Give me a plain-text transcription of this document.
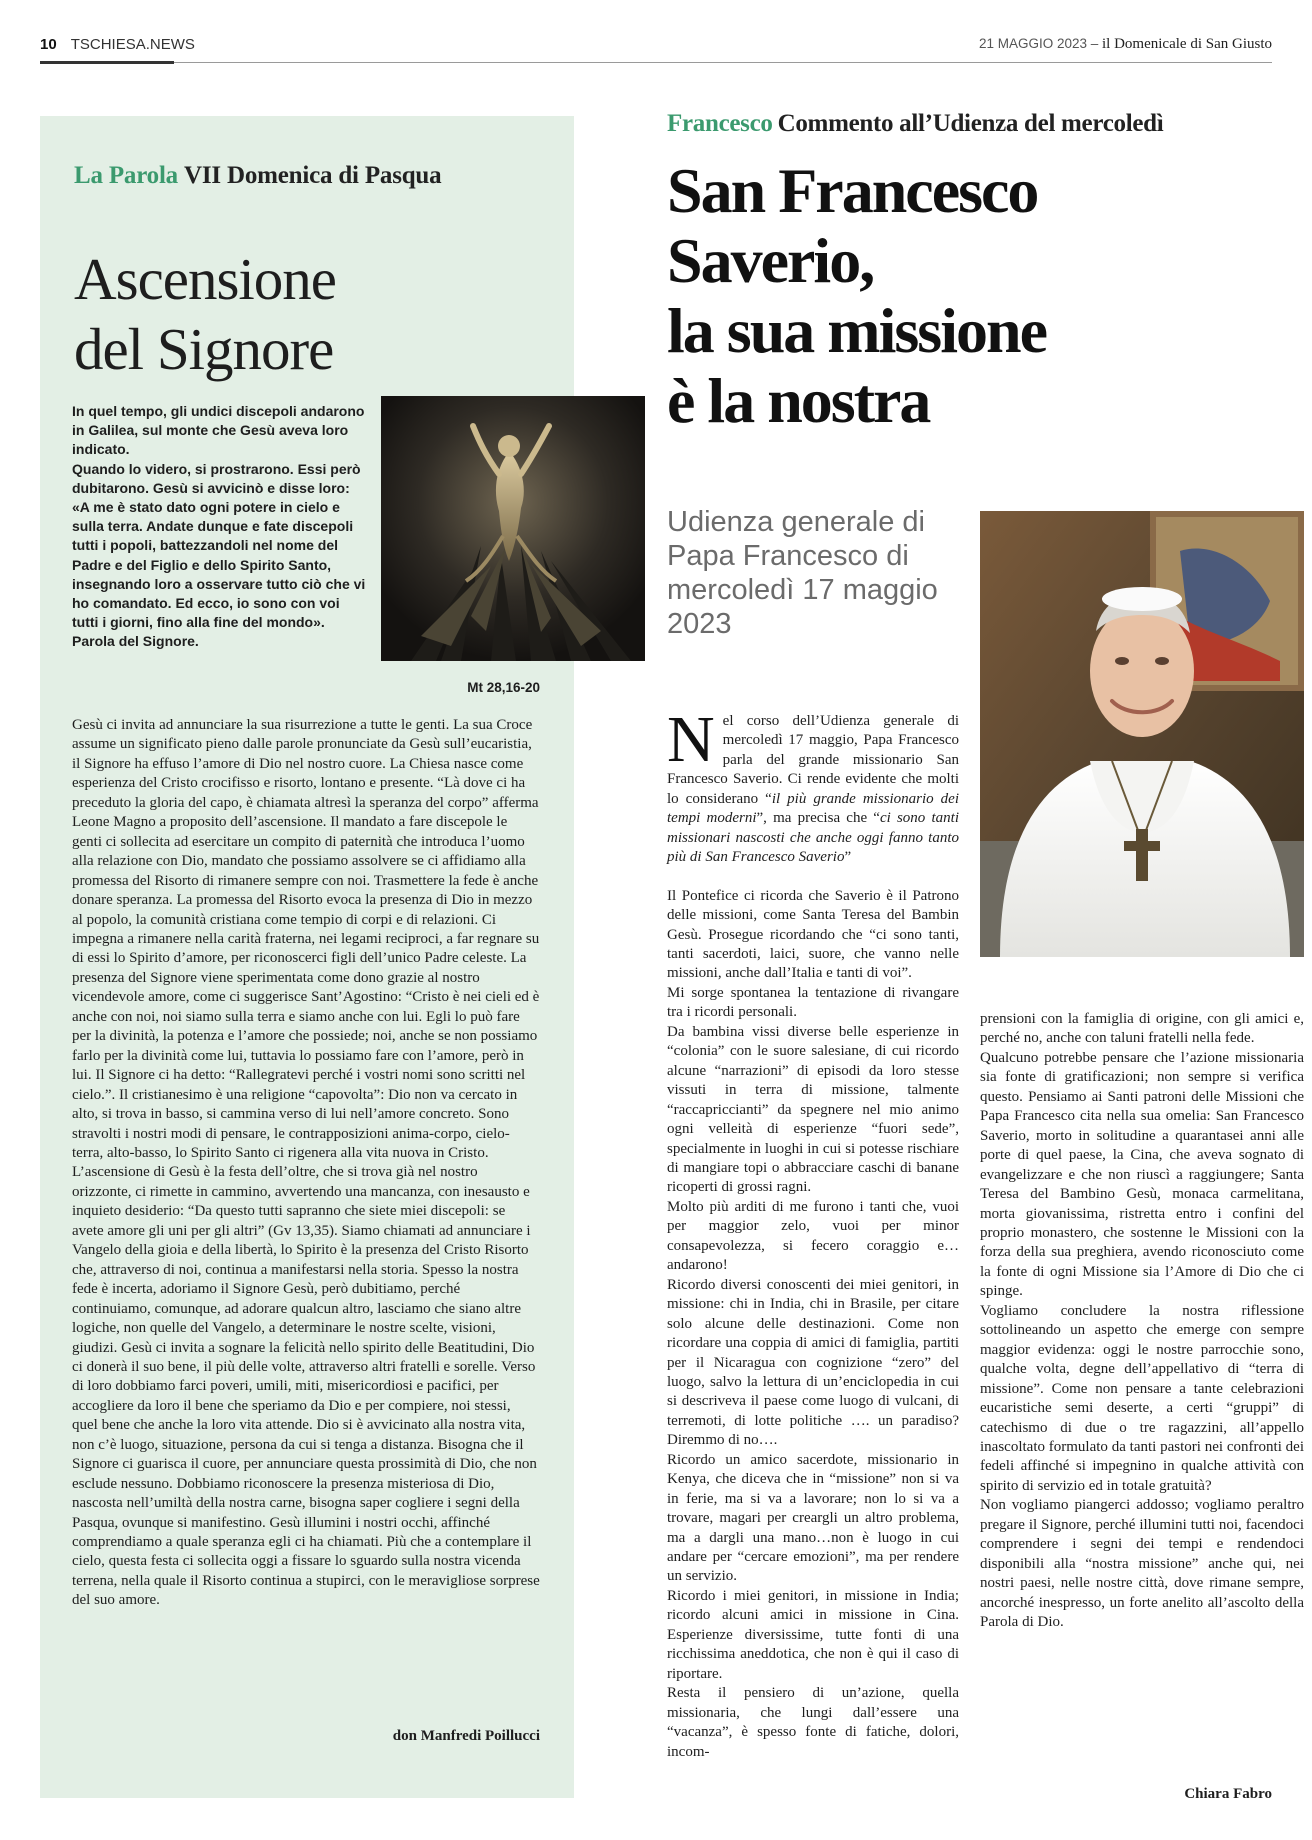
10 TSCHIESA.NEWS	21 MAGGIO 2023 – il Domenicale di San Giusto
La Parola VII Domenica di Pasqua
Ascensione
del Signore

In quel tempo, gli undici discepoli andarono in Galilea, sul monte che Gesù aveva loro indicato.

Quando lo videro, si prostrarono. Essi però dubitarono. Gesù si avvicinò e disse loro: «A me è stato dato ogni potere in cielo e sulla terra. Andate dunque e fate discepoli tutti i popoli, battezzandoli nel nome del Padre e del Figlio e dello Spirito Santo, insegnando loro a osservare tutto ciò che vi ho comandato. Ed ecco, io sono con voi tutti i giorni, fino alla fine del mondo».

Parola del Signore.

Mt 28,16-20

Gesù ci invita ad annunciare la sua risurrezione a tutte le genti. La sua Croce assume un significato pieno dalle parole pronunciate da Gesù sull’eucaristia, il Signore ha effuso l’amore di Dio nel nostro cuore. La Chiesa nasce come esperienza del Cristo crocifisso e risorto, lontano e presente. “Là dove ci ha preceduto la gloria del capo, è chiamata altresì la speranza del corpo” afferma Leone Magno a proposito dell’ascensione. Il mandato a fare discepole le genti ci sollecita ad esercitare un compito di paternità che introduca l’uomo alla relazione con Dio, mandato che possiamo assolvere se ci affidiamo alla promessa del Risorto di rimanere sempre con noi. Trasmettere la fede è anche donare speranza. La promessa del Risorto evoca la presenza di Dio in mezzo al popolo, la comunità cristiana come tempio di corpi e di relazioni. Ci impegna a rimanere nella carità fraterna, nei legami reciproci, a far regnare su di essi lo Spirito d’amore, per riconoscerci figli dell’unico Padre celeste. La presenza del Signore viene sperimentata come dono grazie al nostro vicendevole amore, come ci suggerisce Sant’Agostino: “Cristo è nei cieli ed è anche con noi, noi siamo sulla terra e siamo anche con lui. Egli lo può fare per la divinità, la potenza e l’amore che possiede; noi, anche se non possiamo farlo per la divinità come lui, tuttavia lo possiamo fare con l’amore, però in lui. Il Signore ci ha detto: “Rallegratevi perché i vostri nomi sono scritti nel cielo.”. Il cristianesimo è una religione “capovolta”: Dio non va cercato in alto, si trova in basso, si cammina verso di lui nell’amore concreto. Sono stravolti i nostri modi di pensare, le contrapposizioni anima-corpo, cielo-terra, alto-basso, lo Spirito Santo ci rigenera alla vita nuova in Cristo. L’ascensione di Gesù è la festa dell’oltre, che si trova già nel nostro orizzonte, ci rimette in cammino, avvertendo una mancanza, con inesausto e inquieto desiderio: “Da questo tutti sapranno che siete miei discepoli: se avete amore gli uni per gli altri” (Gv 13,35). Siamo chiamati ad annunciare i Vangelo della gioia e della libertà, lo Spirito è la presenza del Cristo Risorto che, attraverso di noi, continua a manifestarsi nella storia. Spesso la nostra fede è incerta, adoriamo il Signore Gesù, però dubitiamo, perché continuiamo, comunque, ad adorare qualcun altro, lasciamo che siano altre logiche, non quelle del Vangelo, a determinare le nostre scelte, visioni, giudizi. Gesù ci invita a sognare la felicità nello spirito delle Beatitudini, Dio ci donerà il suo bene, il più delle volte, attraverso altri fratelli e sorelle. Verso di loro dobbiamo farci poveri, umili, miti, misericordiosi e pacifici, per accogliere da loro il bene che speriamo da Dio e per compiere, noi stessi, quel bene che anche la loro vita attende. Dio si è avvicinato alla nostra vita, non c’è luogo, situazione, persona da cui si tenga a distanza. Bisogna che il Signore ci guarisca il cuore, per annunciare questa prossimità di Dio, che non esclude nessuno. Dobbiamo riconoscere la presenza misteriosa di Dio, nascosta nell’umiltà della nostra carne, bisogna saper cogliere i segni della Pasqua, ovunque si manifestino. Gesù illumini i nostri occhi, affinché comprendiamo a quale speranza egli ci ha chiamati. Più che a contemplare il cielo, questa festa ci sollecita oggi a fissare lo sguardo sulla nostra vicenda terrena, nella quale il Risorto continua a stupirci, con le meravigliose sorprese del suo amore.

don Manfredi Poillucci
Francesco Commento all’Udienza del mercoledì
San Francesco
Saverio,
la sua missione
è la nostra
Udienza generale di Papa Francesco di mercoledì 17 maggio 2023

Nel corso dell’Udienza generale di mercoledì 17 maggio, Papa Francesco parla del grande missionario San Francesco Saverio. Ci rende evidente che molti lo considerano “il più grande missionario dei tempi moderni”, ma precisa che “ci sono tanti missionari nascosti che anche oggi fanno tanto più di San Francesco Saverio”

Il Pontefice ci ricorda che Saverio è il Patrono delle missioni, come Santa Teresa del Bambin Gesù. Prosegue ricordando che “ci sono tanti, tanti sacerdoti, laici, suore, che vanno nelle missioni, anche dall’Italia e tanti di voi”.

Mi sorge spontanea la tentazione di rivangare tra i ricordi personali.

Da bambina vissi diverse belle esperienze in “colonia” con le suore salesiane, di cui ricordo alcune “narrazioni” di episodi da loro stesse vissuti in terra di missione, talmente “raccapriccianti” da spegnere nel mio animo ogni velleità di esperienze “fuori sede”, specialmente in luoghi in cui si potesse rischiare di mangiare topi o abbracciare caschi di banane ricoperti di grossi ragni.

Molto più arditi di me furono i tanti che, vuoi per maggior zelo, vuoi per minor consapevolezza, si fecero coraggio e… andarono!

Ricordo diversi conoscenti dei miei genitori, in missione: chi in India, chi in Brasile, per citare solo alcune delle destinazioni. Come non ricordare una coppia di amici di famiglia, partiti per il Nicaragua con cognizione “zero” del luogo, salvo la lettura di un’enciclopedia in cui si descriveva il paese come luogo di vulcani, di terremoti, di lotte politiche …. un paradiso? Diremmo di no….

Ricordo un amico sacerdote, missionario in Kenya, che diceva che in “missione” non si va in ferie, ma si va a lavorare; non lo si va a trovare, magari per creargli un altro problema, ma a dargli una mano…non è luogo in cui andare per “cercare emozioni”, ma per rendere un servizio.

Ricordo i miei genitori, in missione in India; ricordo alcuni amici in missione in Cina. Esperienze diversissime, tutte fonti di una ricchissima aneddotica, che non è qui il caso di riportare.

Resta il pensiero di un’azione, quella missionaria, che lungi dall’essere una “vacanza”, è spesso fonte di fatiche, dolori, incom-

prensioni con la famiglia di origine, con gli amici e, perché no, anche con taluni fratelli nella fede.

Qualcuno potrebbe pensare che l’azione missionaria sia fonte di gratificazioni; non sempre si verifica questo. Pensiamo ai Santi patroni delle Missioni che Papa Francesco cita nella sua omelia: San Francesco Saverio, morto in solitudine a quarantasei anni alle porte di quel paese, la Cina, che aveva sognato di evangelizzare e che non riuscì a raggiungere; Santa Teresa del Bambino Gesù, monaca carmelitana, morta giovanissima, ristretta entro i confini del proprio monastero, che sostenne le Missioni con la forza della sua preghiera, avendo riconosciuto come la fonte di ogni Missione sia l’Amore di Dio che ci spinge.

Vogliamo concludere la nostra riflessione sottolineando un aspetto che emerge con sempre maggior evidenza: oggi le nostre parrocchie sono, qualche volta, degne dell’appellativo di “terra di missione”. Come non pensare a tante celebrazioni eucaristiche semi deserte, a certi “gruppi” di catechismo di due o tre ragazzini, all’appello inascoltato formulato da tanti pastori nei confronti dei fedeli affinché si impegnino in qualche attività con spirito di servizio ed in totale gratuità?

Non vogliamo piangerci addosso; vogliamo peraltro pregare il Signore, perché illumini tutti noi, facendoci comprendere i segni dei tempi e rendendoci disponibili alla “nostra missione” anche qui, nei nostri paesi, nelle nostre città, dove rimane sempre, ancorché inespresso, un forte anelito all’ascolto della Parola di Dio.

Chiara Fabro
